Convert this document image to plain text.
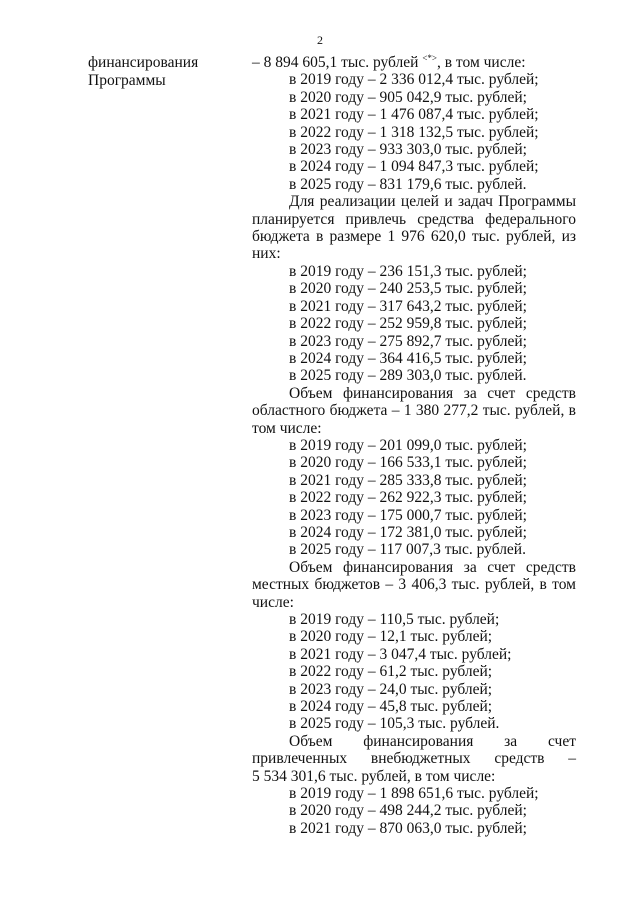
2
финансирования
Программы
– 8 894 605,1 тыс. рублей <*>, в том числе:
в 2019 году – 2 336 012,4 тыс. рублей;
в 2020 году – 905 042,9 тыс. рублей;
в 2021 году – 1 476 087,4 тыс. рублей;
в 2022 году – 1 318 132,5 тыс. рублей;
в 2023 году – 933 303,0 тыс. рублей;
в 2024 году – 1 094 847,3 тыс. рублей;
в 2025 году – 831 179,6 тыс. рублей.
Для реализации целей и задач Программы планируется привлечь средства федерального бюджета в размере 1 976 620,0 тыс. рублей, из них:
в 2019 году – 236 151,3 тыс. рублей;
в 2020 году – 240 253,5 тыс. рублей;
в 2021 году – 317 643,2 тыс. рублей;
в 2022 году – 252 959,8 тыс. рублей;
в 2023 году – 275 892,7 тыс. рублей;
в 2024 году – 364 416,5 тыс. рублей;
в 2025 году – 289 303,0 тыс. рублей.
Объем финансирования за счет средств областного бюджета – 1 380 277,2 тыс. рублей, в том числе:
в 2019 году – 201 099,0 тыс. рублей;
в 2020 году – 166 533,1 тыс. рублей;
в 2021 году – 285 333,8 тыс. рублей;
в 2022 году – 262 922,3 тыс. рублей;
в 2023 году – 175 000,7 тыс. рублей;
в 2024 году – 172 381,0 тыс. рублей;
в 2025 году – 117 007,3 тыс. рублей.
Объем финансирования за счет средств местных бюджетов – 3 406,3 тыс. рублей, в том числе:
в 2019 году – 110,5 тыс. рублей;
в 2020 году – 12,1 тыс. рублей;
в 2021 году – 3 047,4 тыс. рублей;
в 2022 году – 61,2 тыс. рублей;
в 2023 году – 24,0 тыс. рублей;
в 2024 году – 45,8 тыс. рублей;
в 2025 году – 105,3 тыс. рублей.
Объем финансирования за счет
привлеченных внебюджетных средств –
5 534 301,6 тыс. рублей, в том числе:
в 2019 году – 1 898 651,6 тыс. рублей;
в 2020 году – 498 244,2 тыс. рублей;
в 2021 году – 870 063,0 тыс. рублей;
